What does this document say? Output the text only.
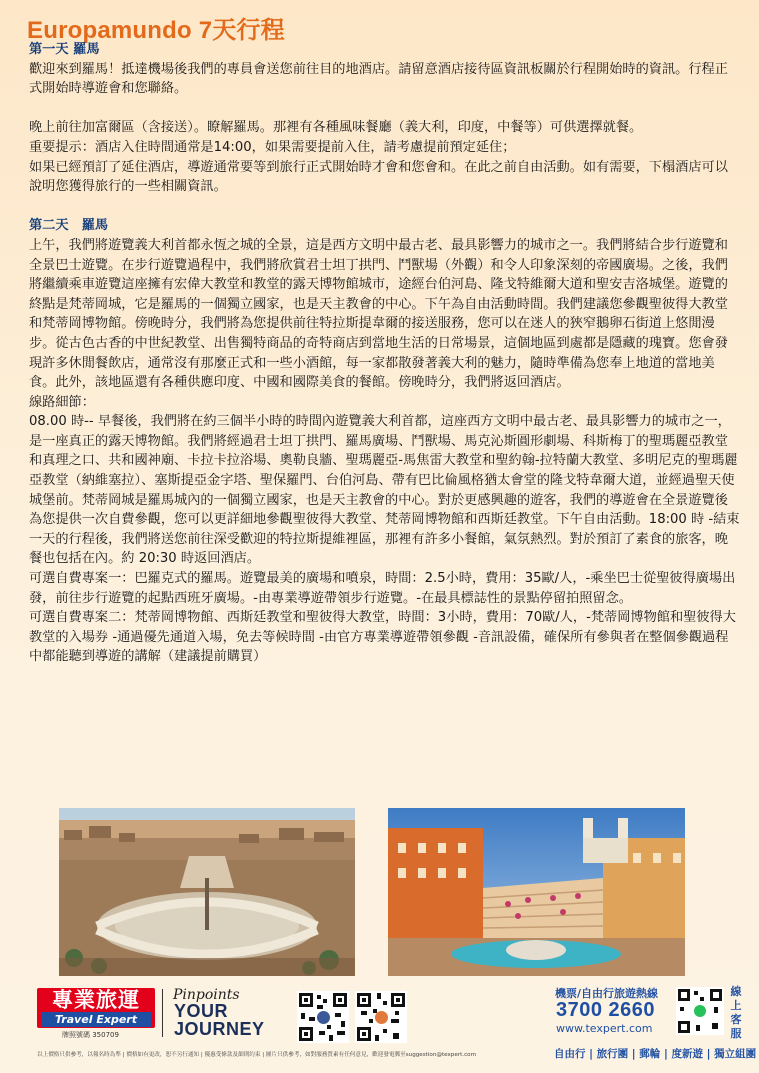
Europamundo 7天行程

第一天 羅馬

歡迎來到羅馬！抵達機場後我們的專員會送您前往目的地酒店。請留意酒店接待區資訊板關於行程開始時的資訊。行程正式開始時導遊會和您聯絡。

晚上前往加富爾區（含接送）。瞭解羅馬。那裡有各種風味餐廳（義大利，印度，中餐等）可供選擇就餐。

重要提示：酒店入住時間通常是14:00，如果需要提前入住，請考慮提前預定延住；

如果已經預訂了延住酒店，導遊通常要等到旅行正式開始時才會和您會和。在此之前自由活動。如有需要，下榻酒店可以說明您獲得旅行的一些相關資訊。

第二天　羅馬

上午，我們將遊覽義大利首都永恆之城的全景，這是西方文明中最古老、最具影響力的城市之一。我們將結合步行遊覽和全景巴士遊覽。在步行遊覽過程中，我們將欣賞君士坦丁拱門、鬥獸場（外觀）和令人印象深刻的帝國廣場。之後，我們將繼續乘車遊覽這座擁有宏偉大教堂和教堂的露天博物館城市，途經台伯河島、隆戈特維爾大道和聖安吉洛城堡。遊覽的終點是梵蒂岡城，它是羅馬的一個獨立國家，也是天主教會的中心。下午為自由活動時間。我們建議您參觀聖彼得大教堂和梵蒂岡博物館。傍晚時分，我們將為您提供前往特拉斯提韋爾的接送服務，您可以在迷人的狹窄鵝卵石街道上悠閒漫步。從古色古香的中世紀教堂、出售獨特商品的奇特商店到當地生活的日常場景，這個地區到處都是隱藏的瑰寶。您會發現許多休閒餐飲店，通常沒有那麼正式和一些小酒館，每一家都散發著義大利的魅力，隨時準備為您奉上地道的當地美食。此外，該地區還有各種供應印度、中國和國際美食的餐館。傍晚時分，我們將返回酒店。

線路細節：

08.00 時-- 早餐後，我們將在約三個半小時的時間內遊覽義大利首都，這座西方文明中最古老、最具影響力的城市之一，是一座真正的露天博物館。我們將經過君士坦丁拱門、羅馬廣場、鬥獸場、馬克沁斯圓形劇場、科斯梅丁的聖瑪麗亞教堂和真理之口、共和國神廟、卡拉卡拉浴場、奧勒良牆、聖瑪麗亞-馬焦雷大教堂和聖約翰-拉特蘭大教堂、多明尼克的聖瑪麗亞教堂（納維塞拉）、塞斯提亞金字塔、聖保羅門、台伯河島、帶有巴比倫風格猶太會堂的隆戈特韋爾大道，並經過聖天使城堡前。梵蒂岡城是羅馬城內的一個獨立國家，也是天主教會的中心。對於更感興趣的遊客，我們的導遊會在全景遊覽後為您提供一次自費參觀，您可以更詳細地參觀聖彼得大教堂、梵蒂岡博物館和西斯廷教堂。下午自由活動。18:00 時 -結束一天的行程後，我們將送您前往深受歡迎的特拉斯提維裡區，那裡有許多小餐館，氣氛熱烈。對於預訂了素食的旅客，晚餐也包括在內。約 20:30 時返回酒店。

可選自費專案一：巴羅克式的羅馬。遊覽最美的廣場和噴泉，時間：2.5小時，費用：35歐/人，-乘坐巴士從聖彼得廣場出發，前往步行遊覽的起點西班牙廣場。-由專業導遊帶領步行遊覽。-在最具標誌性的景點停留拍照留念。

可選自費專案二：梵蒂岡博物館、西斯廷教堂和聖彼得大教堂，時間：3小時，費用：70歐/人，-梵蒂岡博物館和聖彼得大教堂的入場券 -通過優先通道入場，免去等候時間 -由官方專業導遊帶領參觀 -音訊設備，確保所有參與者在整個參觀過程中都能聽到導遊的講解（建議提前購買）

專業旅運
Travel Expert
牌照號碼 350709
Pinpoints
YOUR
JOURNEY
機票/自由行旅遊熱線
3700 2660
www.texpert.com
線上客服
以上價格只供參考，以報名時為準 | 價格如有更改，恕不另行通知 | 優惠受條款及細則約束 | 圖片只供參考，如對服務質素有任何意見，歡迎發電郵至suggestion@texpert.com	自由行 | 旅行團 | 郵輪 | 度新遊 | 獨立組團
